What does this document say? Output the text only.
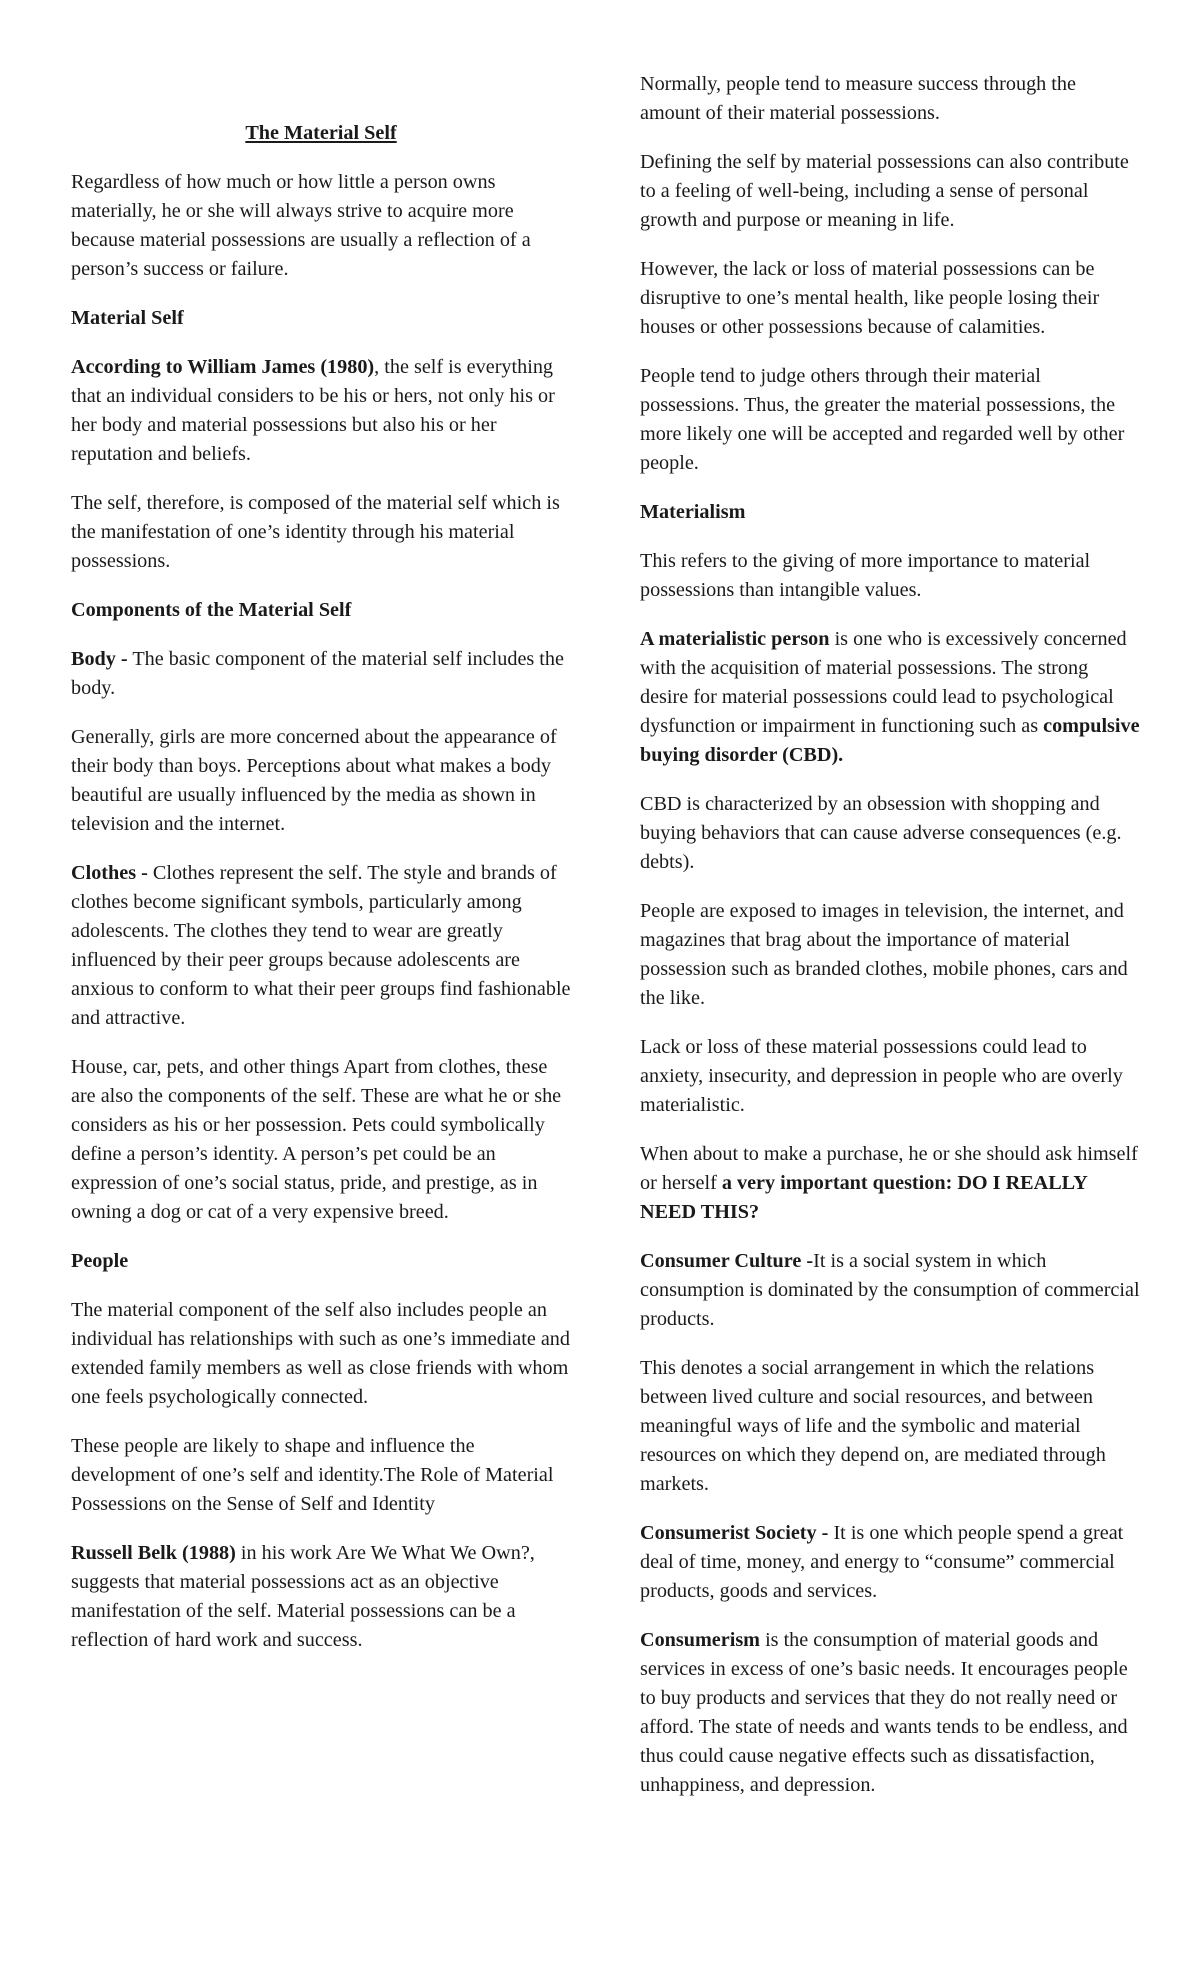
The Material Self

Regardless of how much or how little a person owns materially, he or she will always strive to acquire more because material possessions are usually a reflection of a person’s success or failure.

Material Self

According to William James (1980), the self is everything that an individual considers to be his or hers, not only his or her body and material possessions but also his or her reputation and beliefs.

The self, therefore, is composed of the material self which is the manifestation of one’s identity through his material possessions.

Components of the Material Self

Body - The basic component of the material self includes the body.

Generally, girls are more concerned about the appearance of their body than boys. Perceptions about what makes a body beautiful are usually influenced by the media as shown in television and the internet.

Clothes - Clothes represent the self. The style and brands of clothes become significant symbols, particularly among adolescents. The clothes they tend to wear are greatly influenced by their peer groups because adolescents are anxious to conform to what their peer groups find fashionable and attractive.

House, car, pets, and other things Apart from clothes, these are also the components of the self. These are what he or she considers as his or her possession. Pets could symbolically define a person’s identity. A person’s pet could be an expression of one’s social status, pride, and prestige, as in owning a dog or cat of a very expensive breed.

People

The material component of the self also includes people an individual has relationships with such as one’s immediate and extended family members as well as close friends with whom one feels psychologically connected.

These people are likely to shape and influence the development of one’s self and identity.The Role of Material Possessions on the Sense of Self and Identity

Russell Belk (1988) in his work Are We What We Own?, suggests that material possessions act as an objective manifestation of the self. Material possessions can be a reflection of hard work and success.

Normally, people tend to measure success through the amount of their material possessions.

Defining the self by material possessions can also contribute to a feeling of well-being, including a sense of personal growth and purpose or meaning in life.

However, the lack or loss of material possessions can be disruptive to one’s mental health, like people losing their houses or other possessions because of calamities.

People tend to judge others through their material possessions. Thus, the greater the material possessions, the more likely one will be accepted and regarded well by other people.

Materialism

This refers to the giving of more importance to material possessions than intangible values.

A materialistic person is one who is excessively concerned with the acquisition of material possessions. The strong desire for material possessions could lead to psychological dysfunction or impairment in functioning such as compulsive buying disorder (CBD).

CBD is characterized by an obsession with shopping and buying behaviors that can cause adverse consequences (e.g. debts).

People are exposed to images in television, the internet, and magazines that brag about the importance of material possession such as branded clothes, mobile phones, cars and the like.

Lack or loss of these material possessions could lead to anxiety, insecurity, and depression in people who are overly materialistic.

When about to make a purchase, he or she should ask himself or herself a very important question: DO I REALLY NEED THIS?

Consumer Culture -It is a social system in which consumption is dominated by the consumption of commercial products.

This denotes a social arrangement in which the relations between lived culture and social resources, and between meaningful ways of life and the symbolic and material resources on which they depend on, are mediated through markets.

Consumerist Society - It is one which people spend a great deal of time, money, and energy to “consume” commercial products, goods and services.

Consumerism is the consumption of material goods and services in excess of one’s basic needs. It encourages people to buy products and services that they do not really need or afford. The state of needs and wants tends to be endless, and thus could cause negative effects such as dissatisfaction, unhappiness, and depression.
